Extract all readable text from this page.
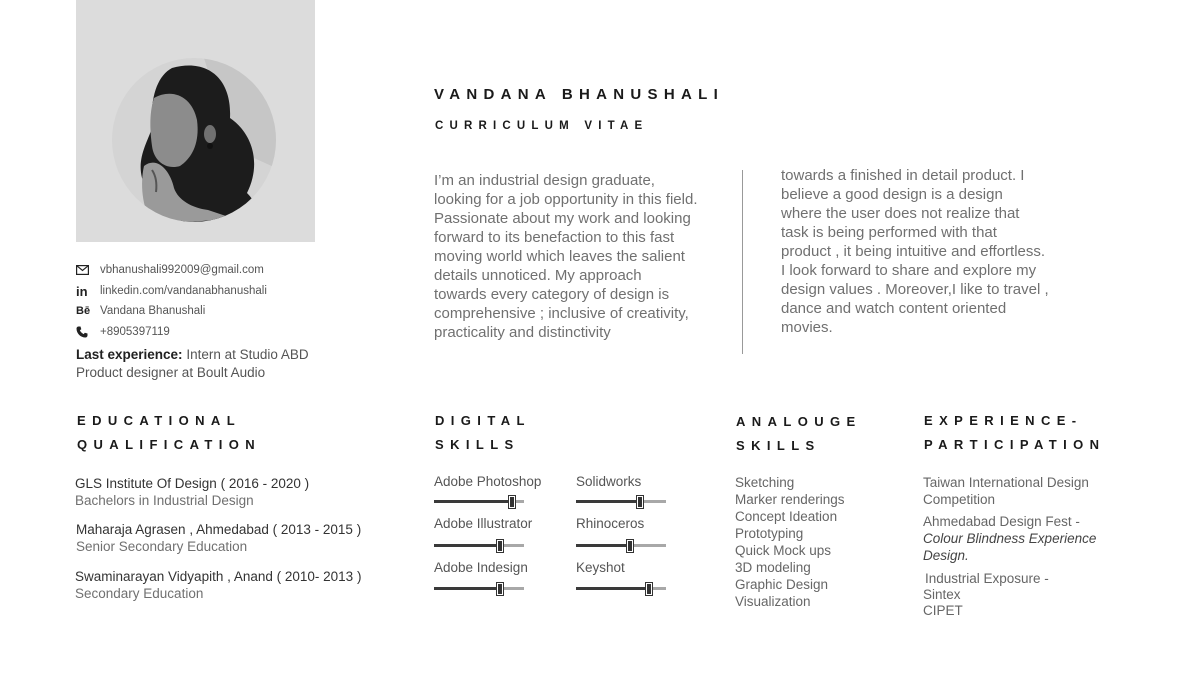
vbhanushali992009@gmail.com
in	linkedin.com/vandanabhanushali
Bē Vandana Bhanushali
+8905397119
Last experience: Intern at Studio ABD
Product designer at Boult Audio
VANDANA BHANUSHALI
CURRICULUM VITAE
I’m an industrial design graduate,
looking for a job opportunity in this field.
Passionate about my work and looking
forward to its benefaction to this fast
moving world which leaves the salient
details unnoticed. My approach
towards every category of design is
comprehensive ; inclusive of creativity,
practicality and distinctivity
towards a finished in detail product. I
believe a good design is a design
where the user does not realize that
task is being performed with that
product , it being intuitive and effortless.
I look forward to share and explore my
design values . Moreover,I like to travel ,
dance and watch content oriented
movies.
EDUCATIONAL
QUALIFICATION
GLS Institute Of Design ( 2016 - 2020 )
Bachelors in Industrial Design
Maharaja Agrasen , Ahmedabad ( 2013 - 2015 )
Senior Secondary Education
Swaminarayan Vidyapith , Anand ( 2010- 2013 )
Secondary Education
DIGITAL
SKILLS
Adobe Photoshop	Solidworks
Adobe Illustrator	Rhinoceros
Adobe Indesign	Keyshot
ANALOUGE
SKILLS
Sketching
Marker renderings
Concept Ideation
Prototyping
Quick Mock ups
3D modeling
Graphic Design
Visualization
EXPERIENCE-
PARTICIPATION
Taiwan International Design
Competition
Ahmedabad Design Fest -
Colour Blindness Experience
Design.
Industrial Exposure -
Sintex
CIPET
